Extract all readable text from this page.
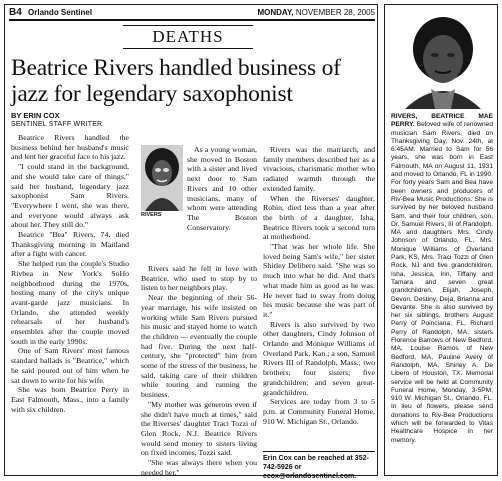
B4 Orlando Sentinel	MONDAY, NOVEMBER 28, 2005
DEATHS
Beatrice Rivers handled business of jazz for legendary saxophonist
BY ERIN COX
SENTINEL STAFF WRITER

Beatrice Rivers handled the business behind her husband's music and lent her graceful face to his jazz.

"I could stand in the background, and she would take care of things," said her husband, legendary jazz saxophonist Sam Rivers. "Everywhere I went, she was there, and everyone would always ask about her. They still do."

Beatrice "Bea" Rivers, 74, died Thanksgiving morning in Maitland after a fight with cancer.

She helped run the couple's Studio Rivbea in New York's SoHo neighborhood during the 1970s, hosting many of the city's unique avant-garde jazz musicians. In Orlando, she attended weekly rehearsals of her husband's ensembles after the couple moved south in the early 1990s.

One of Sam Rivers' most famous standard ballads is "Beatrice," which he said poured out of him when he sat down to write for his wife.

She was born Beatrice Perry in East Falmouth, Mass., into a family with six children.

RIVERS

As a young woman, she moved to Boston with a sister and lived next door to Sam Rivers and 10 other musicians, many of whom were attending The Boston Conservatory.

Rivers said he fell in love with Beatrice, who used to stop by to listen to her neighbors play.

Near the beginning of their 56-year marriage, his wife insisted on working while Sam Rivers pursued his music and stayed home to watch the children — eventually the couple had five. During the next half-century, she "protected" him from some of the stress of the business, he said, taking care of their children while touring and running the business.

"My mother was generous even if she didn't have much at times," said the Riverses' daughter Traci Tozzi of Glen Rock, N.J. Beatrice Rivers would send money to sisters living on fixed incomes, Tozzi said.

"She was always there when you needed her."

Rivers was the matriarch, and family members described her as a vivacious, charismatic mother who radiated warmth through the extended family.

When the Riverses' daughter, Robin, died less than a year after the birth of a daughter, Isha, Beatrice Rivers took a second turn at motherhood.

"That was her whole life. She loved being Sam's wife," her sister Shirley Delibero said. "She was so much into what he did. And that's what made him as good as he was. He never had to sway from doing his music because she was part of it."

Rivers is also survived by two other daughters, Cindy Johnson of Orlando and Monique Williams of Overland Park, Kan.; a son, Samuel Rivers III of Randolph, Mass.; two brothers; four sisters; five grandchildren; and seven great-grandchildren.

Services are today from 3 to 5 p.m. at Community Funeral Home, 910 W. Michigan St., Orlando.

Erin Cox can be reached at 352-742-5926 or ecox@orlandosentinel.com.
RIVERS, BEATRICE MAE PERRY. Beloved wife of renowned musician Sam Rivers, died on Thanksgiving Day, Nov. 24th, at 6:45AM. Married to Sam for 56 years, she was born in East Falmouth, MA on August 11, 1931 and moved to Orlando, FL in 1990. For forty years Sam and Bea have been owners and producers of Riv-Bea Music Productions. She is survived by her beloved husband Sam, and their four children, son, Dr. Samuel Rivers, III of Randolph, MA and daughters Mrs. Cindy Johnson of Orlando, FL, Mrs. Monique Williams of Overland Park, KS, Mrs. Traci Tozzi of Glen Rock, NJ and five grandchildren, Isha, Jessica, Irin, Tiffany and Tamara and seven great grandchildren, Elijah, Joseph, Devon, Destiny, Deja, Brianna and Devante. She is also survived by her six siblings, brothers August Perry of Poinciana, FL, Richard Perry of Randolph, MA, sisters Florence Barrows of New Bedford, MA, Louise Ramos of New Bedford, MA, Pauline Avery of Randolph, MA, Shirley A. De Libero of Houston, TX. Memorial service will be held at Community Funeral Home, Monday, 3-5PM, 910 W. Michigan St., Orlando, FL. In lieu of flowers, please send donations to Riv-Bea Productions which will be forwarded to Vitas Healthcare Hospice in her memory.
